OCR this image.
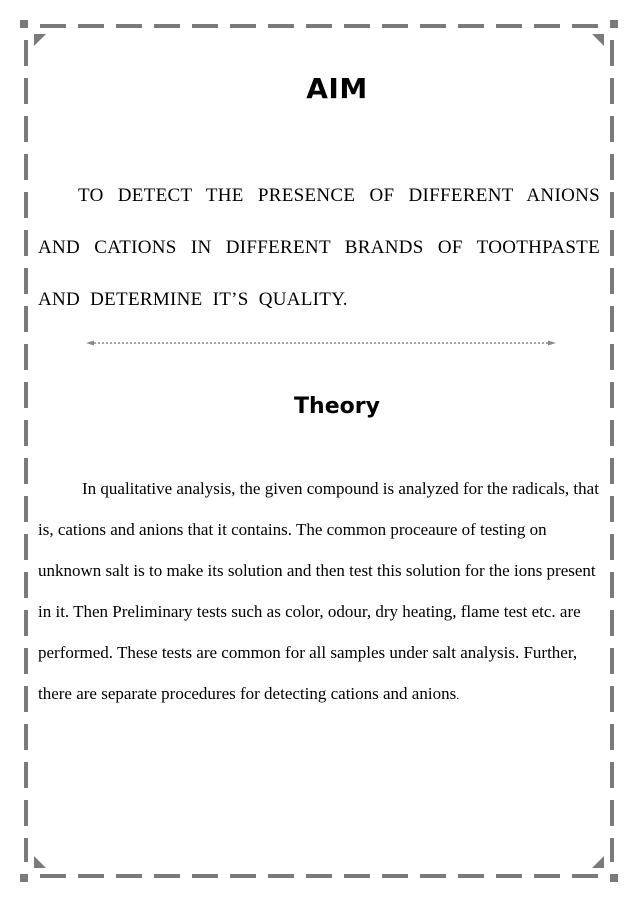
AIM

TO DETECT THE PRESENCE OF DIFFERENT ANIONS AND CATIONS IN DIFFERENT BRANDS OF TOOTHPASTE AND DETERMINE IT’S QUALITY.

Theory

In qualitative analysis, the given compound is analyzed for the radicals, that is, cations and anions that it contains. The common proceaure of testing on unknown salt is to make its solution and then test this solution for the ions present in it. Then Preliminary tests such as color, odour, dry heating, flame test etc. are performed. These tests are common for all samples under salt analysis. Further, there are separate procedures for detecting cations and anions.
